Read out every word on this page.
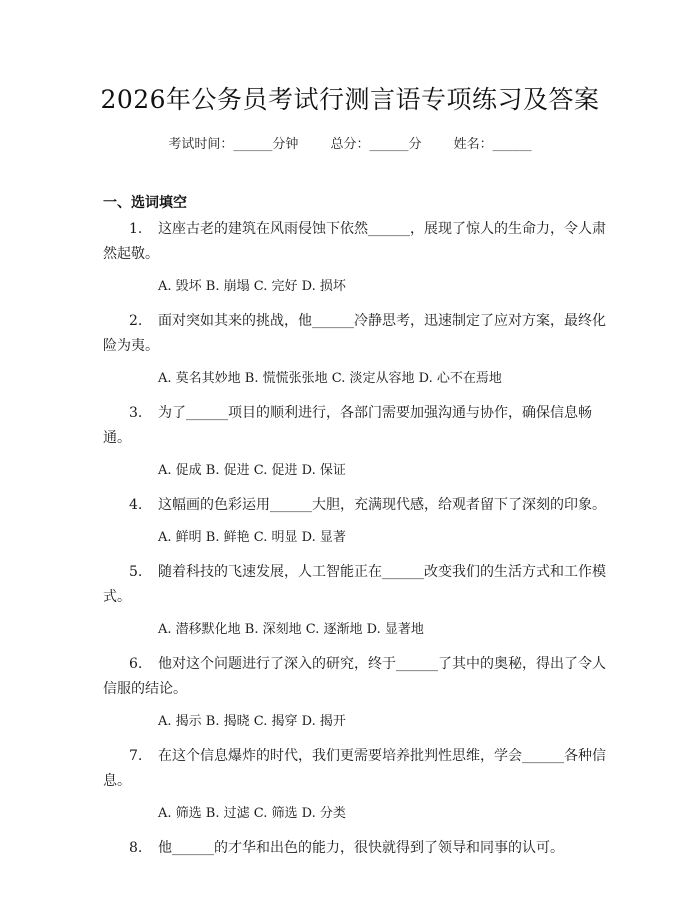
2026年公务员考试行测言语专项练习及答案
考试时间：______分钟 总分：______分 姓名：______
一、选词填空

1. 这座古老的建筑在风雨侵蚀下依然______，展现了惊人的生命力，令人肃
然起敬。

A. 毁坏 B. 崩塌 C. 完好 D. 损坏

2. 面对突如其来的挑战，他______冷静思考，迅速制定了应对方案，最终化
险为夷。

A. 莫名其妙地 B. 慌慌张张地 C. 淡定从容地 D. 心不在焉地

3. 为了______项目的顺利进行，各部门需要加强沟通与协作，确保信息畅
通。

A. 促成 B. 促进 C. 促进 D. 保证

4. 这幅画的色彩运用______大胆，充满现代感，给观者留下了深刻的印象。

A. 鲜明 B. 鲜艳 C. 明显 D. 显著

5. 随着科技的飞速发展，人工智能正在______改变我们的生活方式和工作模
式。

A. 潜移默化地 B. 深刻地 C. 逐渐地 D. 显著地

6. 他对这个问题进行了深入的研究，终于______了其中的奥秘，得出了令人
信服的结论。

A. 揭示 B. 揭晓 C. 揭穿 D. 揭开

7. 在这个信息爆炸的时代，我们更需要培养批判性思维，学会______各种信
息。

A. 筛选 B. 过滤 C. 筛选 D. 分类

8. 他______的才华和出色的能力，很快就得到了领导和同事的认可。
